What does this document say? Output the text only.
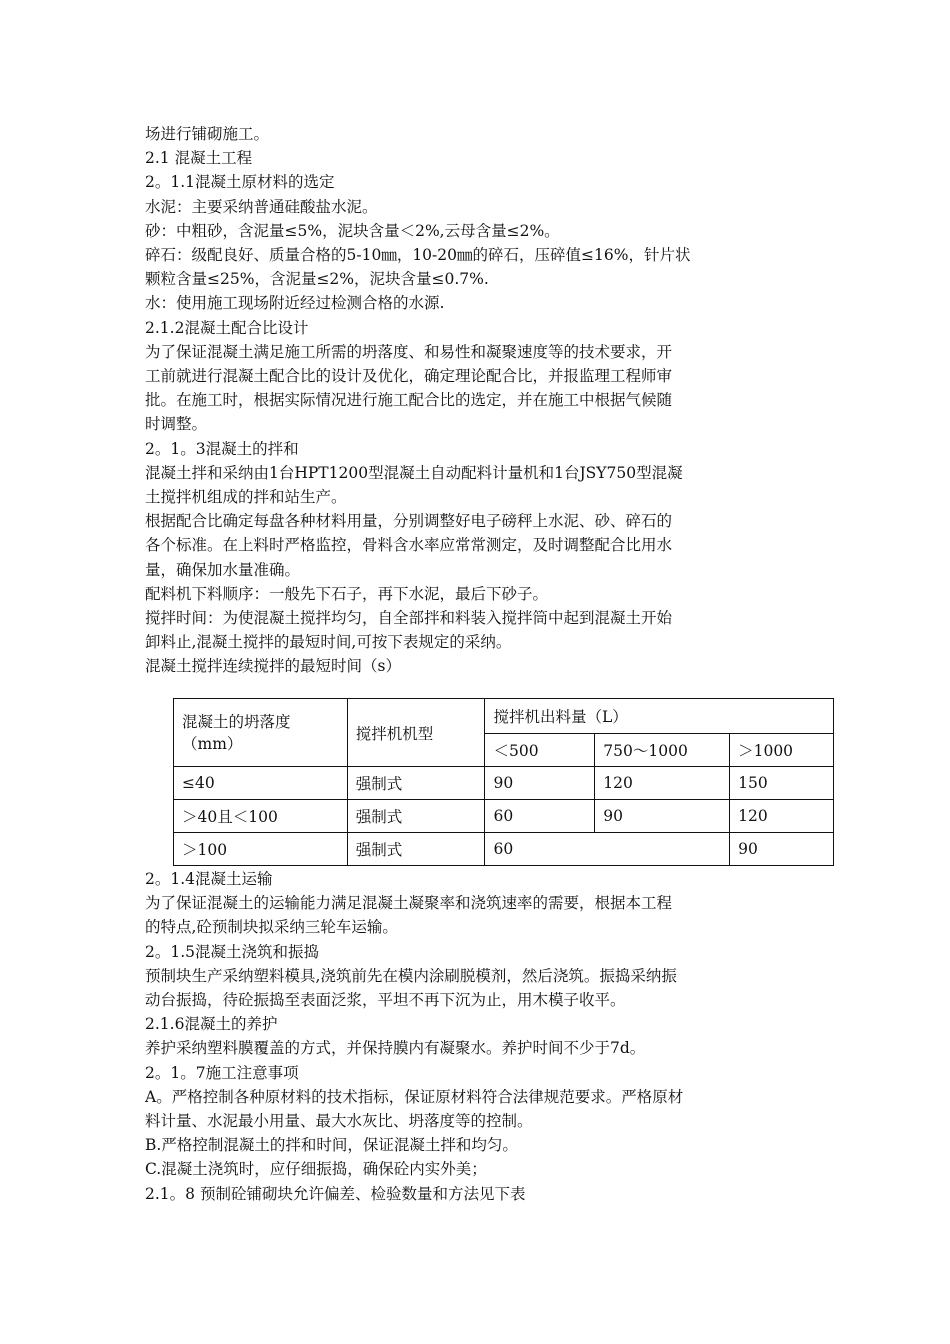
场进行铺砌施工。

2.1 混凝土工程

2。1.1混凝土原材料的选定

水泥：主要采纳普通硅酸盐水泥。

砂：中粗砂，含泥量≤5%，泥块含量＜2%,云母含量≤2%。

碎石：级配良好、质量合格的5-10㎜，10-20㎜的碎石，压碎值≤16%，针片状

颗粒含量≤25%，含泥量≤2%，泥块含量≤0.7%.

水：使用施工现场附近经过检测合格的水源.

2.1.2混凝土配合比设计

为了保证混凝土满足施工所需的坍落度、和易性和凝聚速度等的技术要求，开

工前就进行混凝土配合比的设计及优化，确定理论配合比，并报监理工程师审

批。在施工时，根据实际情况进行施工配合比的选定，并在施工中根据气候随

时调整。

2。1。3混凝土的拌和

混凝土拌和采纳由1台HPT1200型混凝土自动配料计量机和1台JSY750型混凝

土搅拌机组成的拌和站生产。

根据配合比确定每盘各种材料用量，分别调整好电子磅秤上水泥、砂、碎石的

各个标准。在上料时严格监控，骨料含水率应常常测定，及时调整配合比用水

量，确保加水量准确。

配料机下料顺序：一般先下石子，再下水泥，最后下砂子。

搅拌时间：为使混凝土搅拌均匀，自全部拌和料装入搅拌筒中起到混凝土开始

卸料止,混凝土搅拌的最短时间,可按下表规定的采纳。

混凝土搅拌连续搅拌的最短时间（s）

混凝土的坍落度（mm）	搅拌机机型	搅拌机出料量（L）		
		＜500	750～1000	＞1000
≤40	强制式	90	120	150
＞40且＜100	强制式	60	90	120
＞100	强制式	60		90

2。1.4混凝土运输

为了保证混凝土的运输能力满足混凝土凝聚率和浇筑速率的需要，根据本工程

的特点,砼预制块拟采纳三轮车运输。

2。1.5混凝土浇筑和振捣

预制块生产采纳塑料模具,浇筑前先在模内涂刷脱模剂，然后浇筑。振捣采纳振

动台振捣，待砼振捣至表面泛浆，平坦不再下沉为止，用木模子收平。

2.1.6混凝土的养护

养护采纳塑料膜覆盖的方式，并保持膜内有凝聚水。养护时间不少于7d。

2。1。7施工注意事项

A。严格控制各种原材料的技术指标，保证原材料符合法律规范要求。严格原材

料计量、水泥最小用量、最大水灰比、坍落度等的控制。

B.严格控制混凝土的拌和时间，保证混凝土拌和均匀。

C.混凝土浇筑时，应仔细振捣，确保砼内实外美；

2.1。8 预制砼铺砌块允许偏差、检验数量和方法见下表
